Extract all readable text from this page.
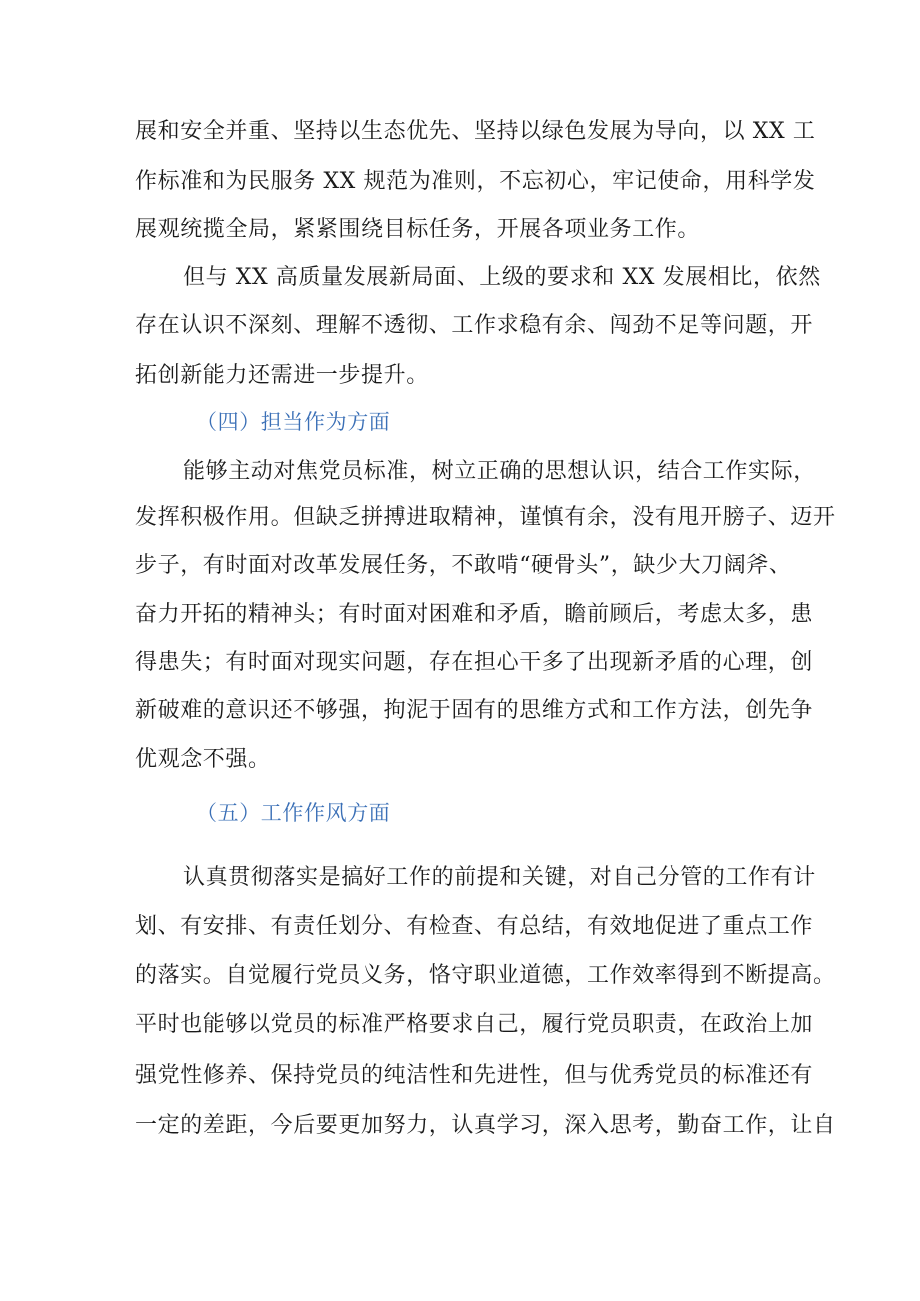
展和安全并重、坚持以生态优先、坚持以绿色发展为导向，以 XX 工
作标准和为民服务 XX 规范为准则，不忘初心，牢记使命，用科学发
展观统揽全局，紧紧围绕目标任务，开展各项业务工作。
但与 XX 高质量发展新局面、上级的要求和 XX 发展相比，依然
存在认识不深刻、理解不透彻、工作求稳有余、闯劲不足等问题，开
拓创新能力还需进一步提升。
（四）担当作为方面
能够主动对焦党员标准，树立正确的思想认识，结合工作实际，
发挥积极作用。但缺乏拼搏进取精神，谨慎有余，没有甩开膀子、迈开
步子，有时面对改革发展任务，不敢啃“硬骨头”，缺少大刀阔斧、
奋力开拓的精神头；有时面对困难和矛盾，瞻前顾后，考虑太多，患
得患失；有时面对现实问题，存在担心干多了出现新矛盾的心理，创
新破难的意识还不够强，拘泥于固有的思维方式和工作方法，创先争
优观念不强。
（五）工作作风方面
认真贯彻落实是搞好工作的前提和关键，对自己分管的工作有计
划、有安排、有责任划分、有检查、有总结，有效地促进了重点工作
的落实。自觉履行党员义务，恪守职业道德，工作效率得到不断提高。
平时也能够以党员的标准严格要求自己，履行党员职责，在政治上加
强党性修养、保持党员的纯洁性和先进性，但与优秀党员的标准还有
一定的差距，今后要更加努力，认真学习，深入思考，勤奋工作，让自
